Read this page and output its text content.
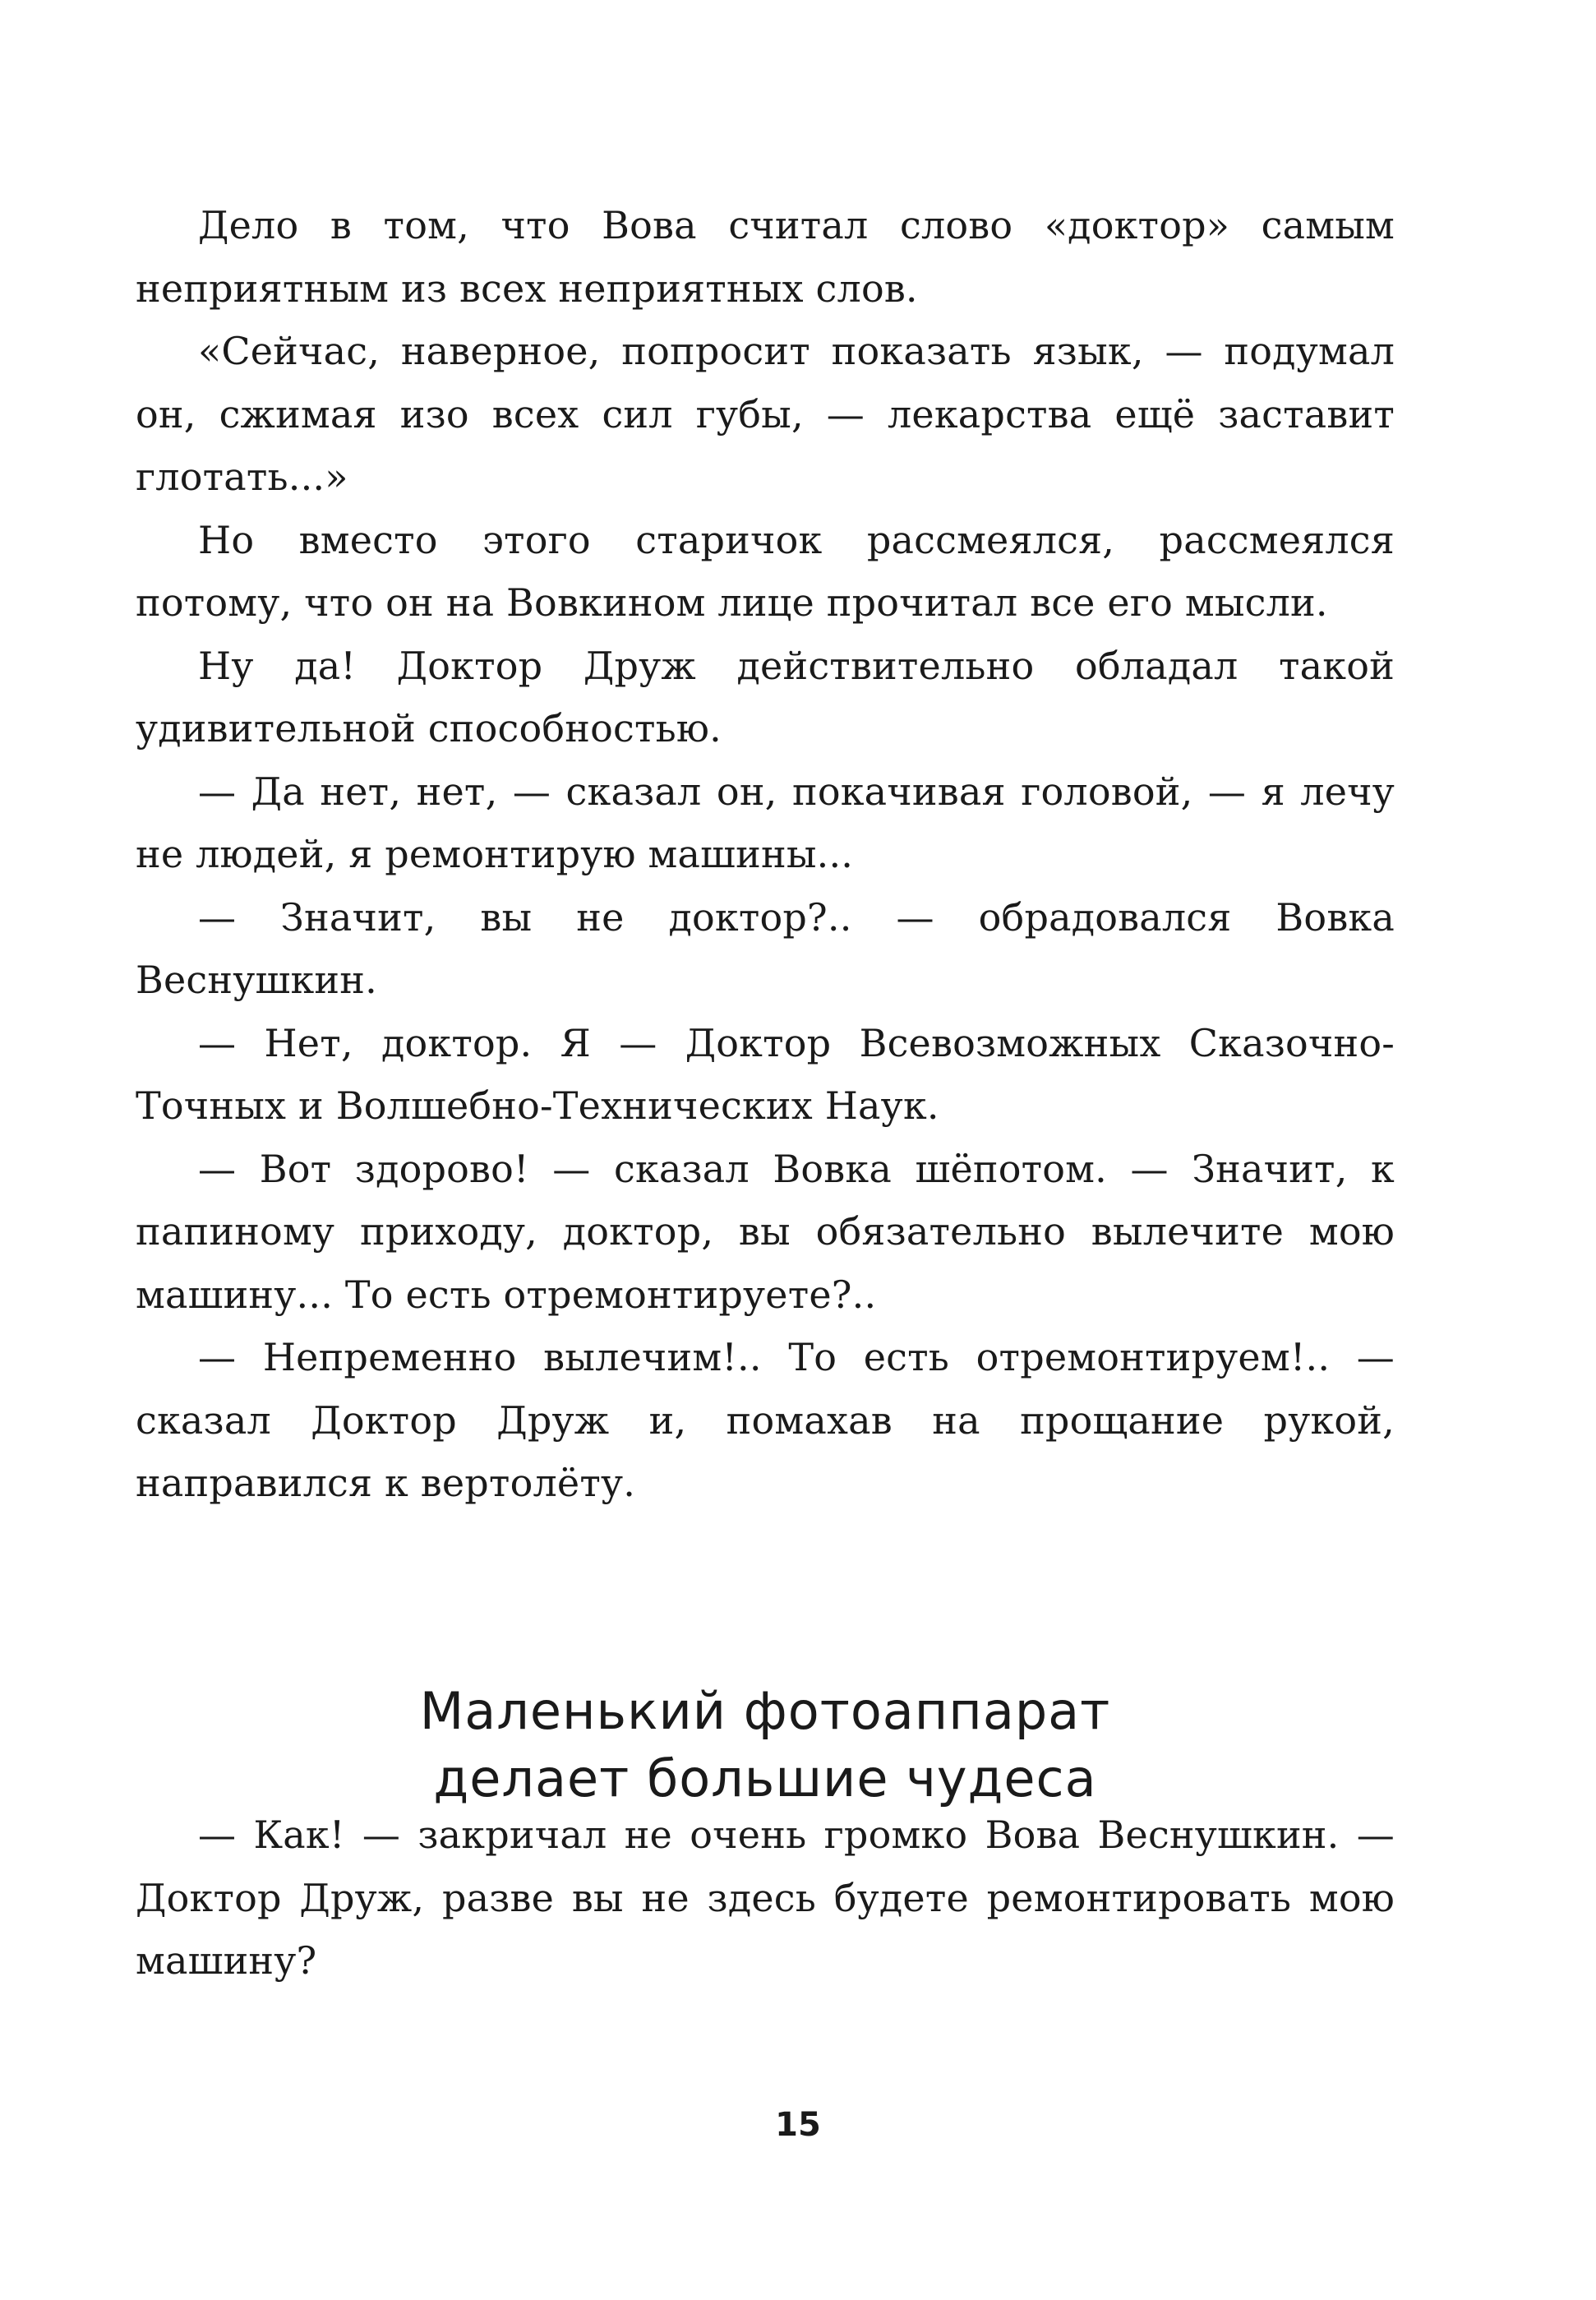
Дело в том, что Вова считал слово «доктор» самым неприятным из всех неприятных слов.

«Сейчас, наверное, попросит показать язык, — подумал он, сжимая изо всех сил губы, — лекарства ещё заставит глотать...»

Но вместо этого старичок рассмеялся, рассмеялся потому, что он на Вовкином лице прочитал все его мысли.

Ну да! Доктор Друж действительно обладал такой удивительной способностью.

— Да нет, нет, — сказал он, покачивая головой, — я лечу не людей, я ремонтирую машины...

— Значит, вы не доктор?.. — обрадовался Вовка Веснушкин.

— Нет, доктор. Я — Доктор Всевозможных Сказочно-Точных и Волшебно-Технических Наук.

— Вот здорово! — сказал Вовка шёпотом. — Значит, к папиному приходу, доктор, вы обязательно вылечите мою машину... То есть отремонтируете?..

— Непременно вылечим!.. То есть отремонтируем!.. — сказал Доктор Друж и, помахав на прощание рукой, направился к вертолёту.

Маленький фотоаппарат
делает большие чудеса

— Как! — закричал не очень громко Вова Веснушкин. — Доктор Друж, разве вы не здесь будете ремонтировать мою машину?

15
